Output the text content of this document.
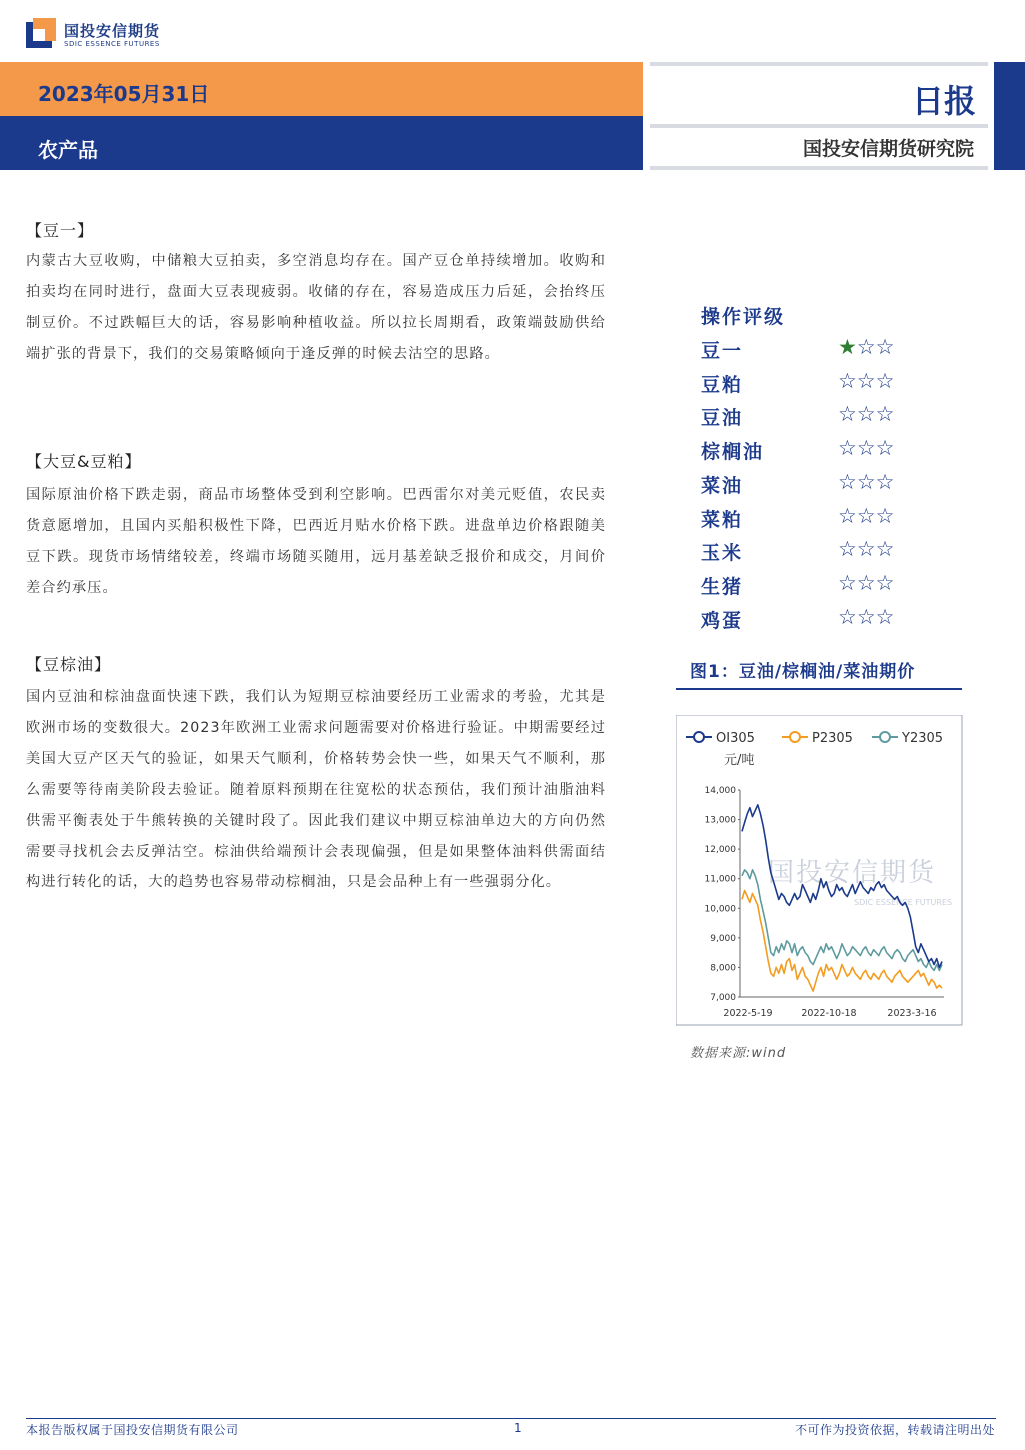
国投安信期货
SDIC ESSENCE FUTURES
2023年05月31日
农产品
日报
国投安信期货研究院
【豆一】
内蒙古大豆收购，中储粮大豆拍卖，多空消息均存在。国产豆仓单持续增加。收购和拍卖均在同时进行，盘面大豆表现疲弱。收储的存在，容易造成压力后延，会抬终压制豆价。不过跌幅巨大的话，容易影响种植收益。所以拉长周期看，政策端鼓励供给端扩张的背景下，我们的交易策略倾向于逢反弹的时候去沽空的思路。
【大豆&豆粕】
国际原油价格下跌走弱，商品市场整体受到利空影响。巴西雷尔对美元贬值，农民卖货意愿增加，且国内买船积极性下降，巴西近月贴水价格下跌。进盘单边价格跟随美豆下跌。现货市场情绪较差，终端市场随买随用，远月基差缺乏报价和成交，月间价差合约承压。
【豆棕油】
国内豆油和棕油盘面快速下跌，我们认为短期豆棕油要经历工业需求的考验，尤其是欧洲市场的变数很大。2023年欧洲工业需求问题需要对价格进行验证。中期需要经过美国大豆产区天气的验证，如果天气顺利，价格转势会快一些，如果天气不顺利，那么需要等待南美阶段去验证。随着原料预期在往宽松的状态预估，我们预计油脂油料供需平衡表处于牛熊转换的关键时段了。因此我们建议中期豆棕油单边大的方向仍然需要寻找机会去反弹沽空。棕油供给端预计会表现偏强，但是如果整体油料供需面结构进行转化的话，大的趋势也容易带动棕榈油，只是会品种上有一些强弱分化。
操作评级
豆一	★☆☆
豆粕	☆☆☆
豆油	☆☆☆
棕榈油	☆☆☆
菜油	☆☆☆
菜粕	☆☆☆
玉米	☆☆☆
生猪	☆☆☆
鸡蛋	☆☆☆
图1：豆油/棕榈油/菜油期价
国投安信期货
SDIC ESSENCE FUTURES
OI305	P2305	Y2305
元/吨
14,000
13,000
12,000
11,000
10,000
9,000
8,000
7,000
2022-5-19	2022-10-18	2023-3-16
数据来源:wind
本报告版权属于国投安信期货有限公司	1	不可作为投资依据，转载请注明出处
